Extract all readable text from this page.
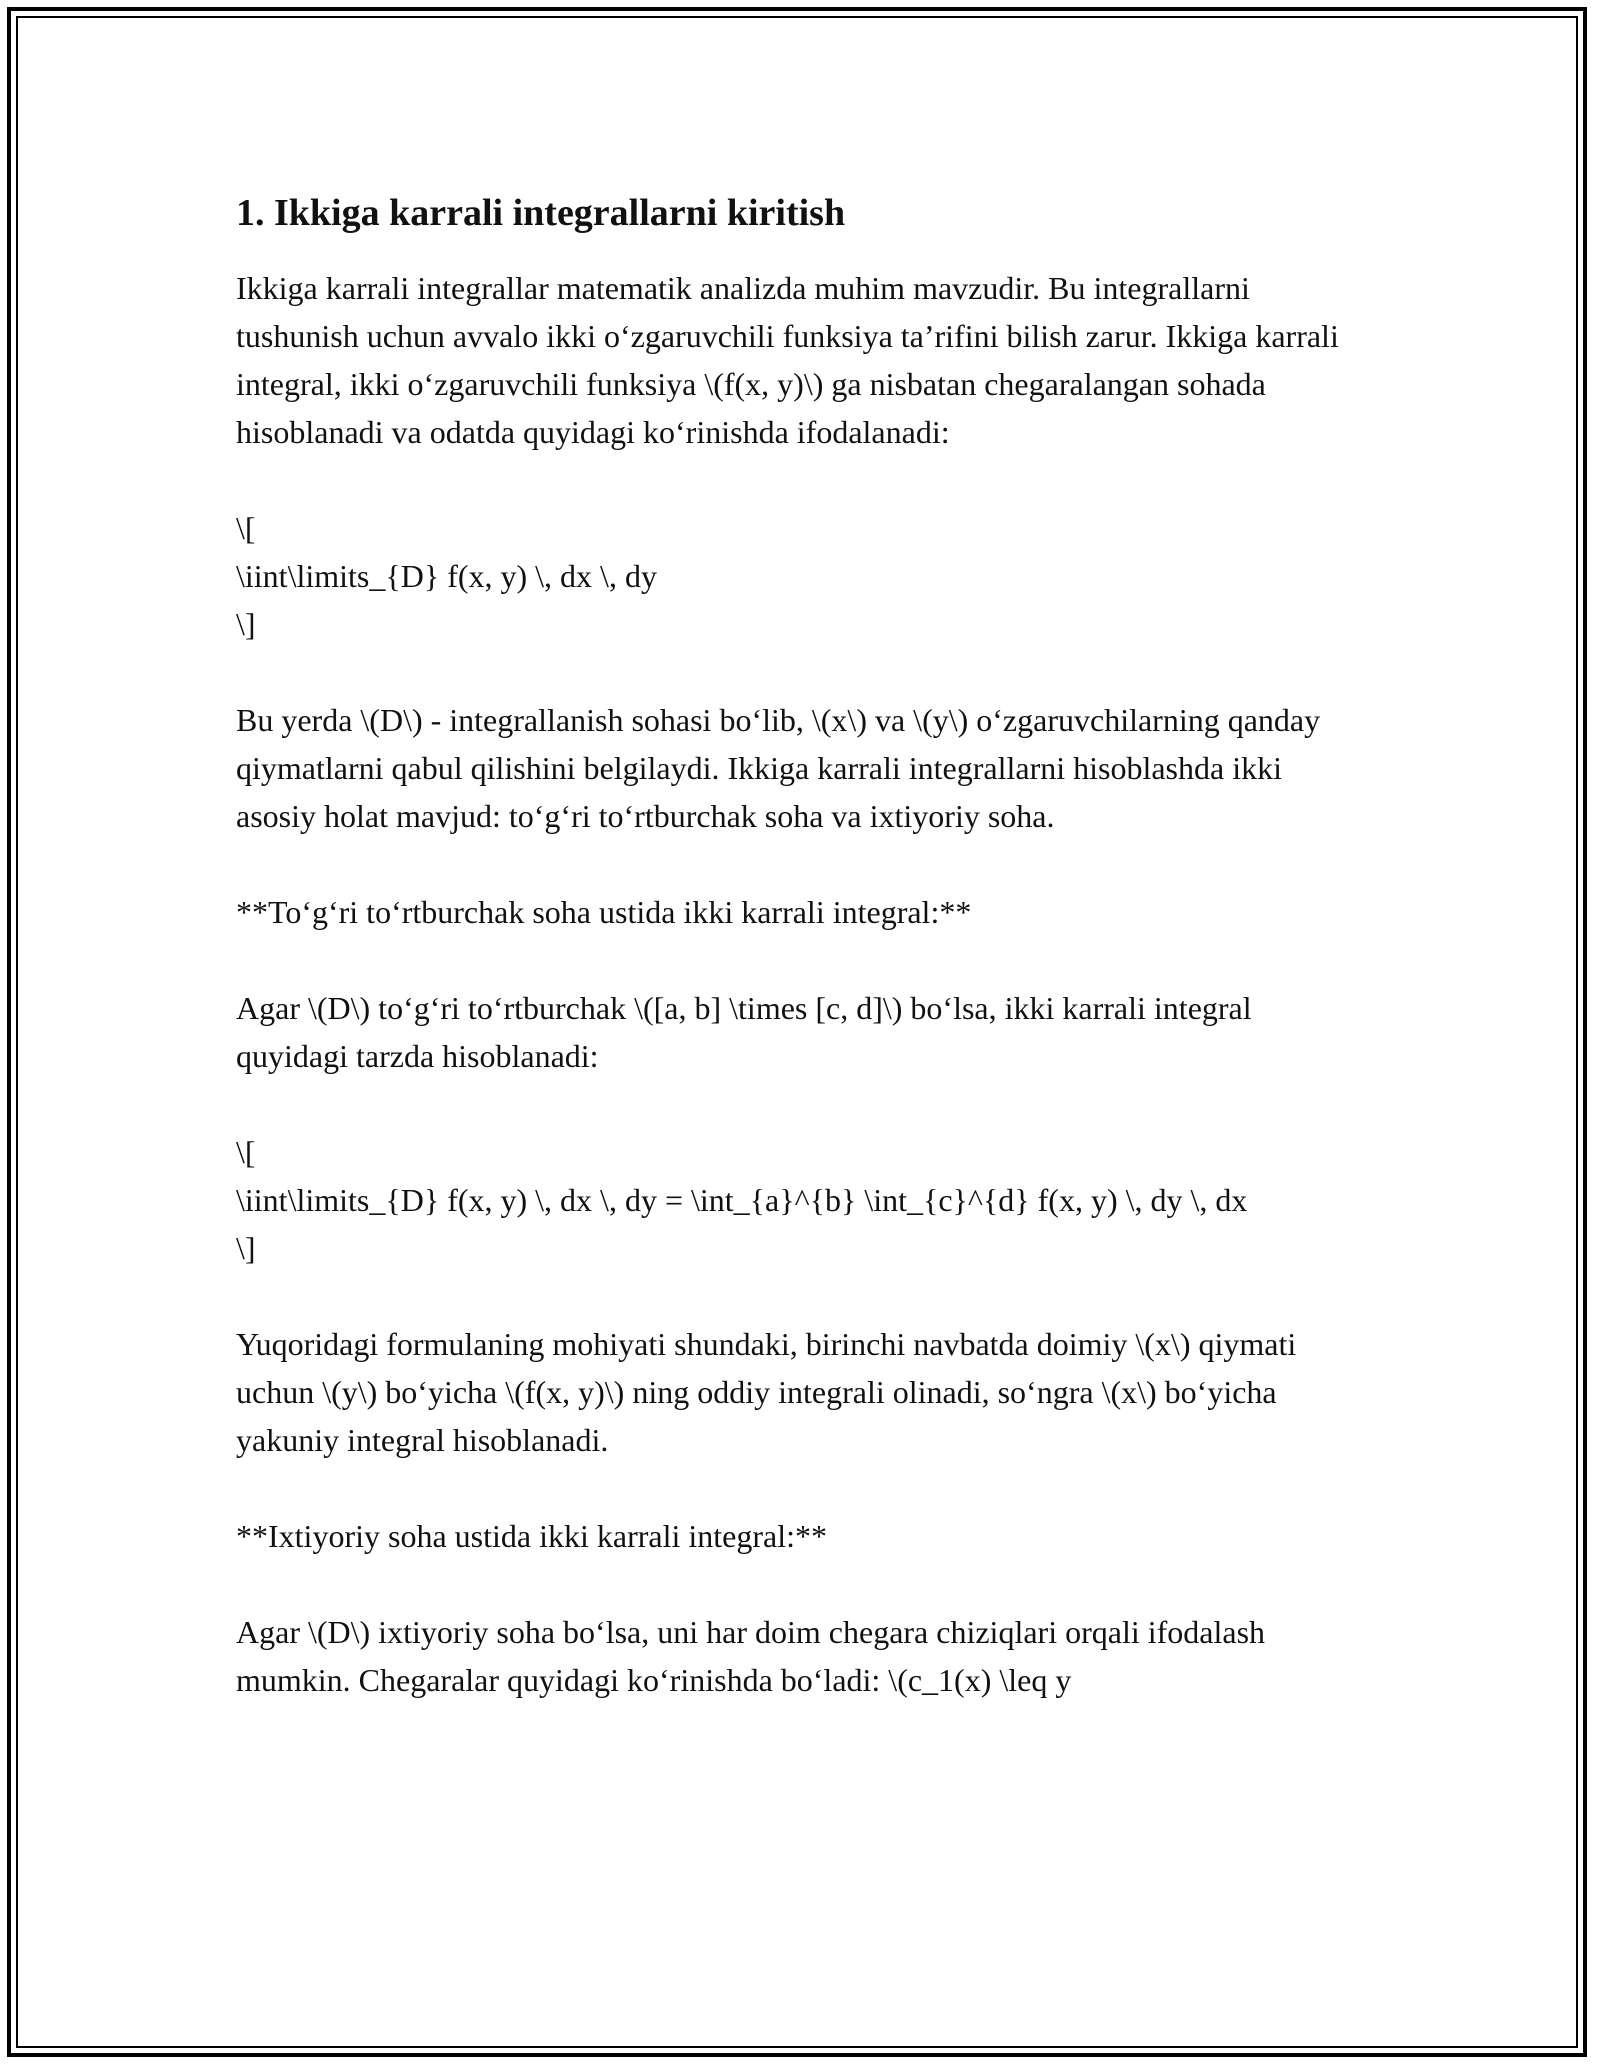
1. Ikkiga karrali integrallarni kiritish

Ikkiga karrali integrallar matematik analizda muhim mavzudir. Bu integrallarni tushunish uchun avvalo ikki o‘zgaruvchili funksiya ta’rifini bilish zarur. Ikkiga karrali integral, ikki o‘zgaruvchili funksiya \(f(x, y)\) ga nisbatan chegaralangan sohada hisoblanadi va odatda quyidagi ko‘rinishda ifodalanadi:

\[
\iint\limits_{D} f(x, y) \, dx \, dy
\]

Bu yerda \(D\) - integrallanish sohasi bo‘lib, \(x\) va \(y\) o‘zgaruvchilarning qanday qiymatlarni qabul qilishini belgilaydi. Ikkiga karrali integrallarni hisoblashda ikki asosiy holat mavjud: to‘g‘ri to‘rtburchak soha va ixtiyoriy soha.

**To‘g‘ri to‘rtburchak soha ustida ikki karrali integral:**

Agar \(D\) to‘g‘ri to‘rtburchak \([a, b] \times [c, d]\) bo‘lsa, ikki karrali integral quyidagi tarzda hisoblanadi:

\[
\iint\limits_{D} f(x, y) \, dx \, dy = \int_{a}^{b} \int_{c}^{d} f(x, y) \, dy \, dx
\]

Yuqoridagi formulaning mohiyati shundaki, birinchi navbatda doimiy \(x\) qiymati uchun \(y\) bo‘yicha \(f(x, y)\) ning oddiy integrali olinadi, so‘ngra \(x\) bo‘yicha yakuniy integral hisoblanadi.

**Ixtiyoriy soha ustida ikki karrali integral:**

Agar \(D\) ixtiyoriy soha bo‘lsa, uni har doim chegara chiziqlari orqali ifodalash mumkin. Chegaralar quyidagi ko‘rinishda bo‘ladi: \(c_1(x) \leq y
